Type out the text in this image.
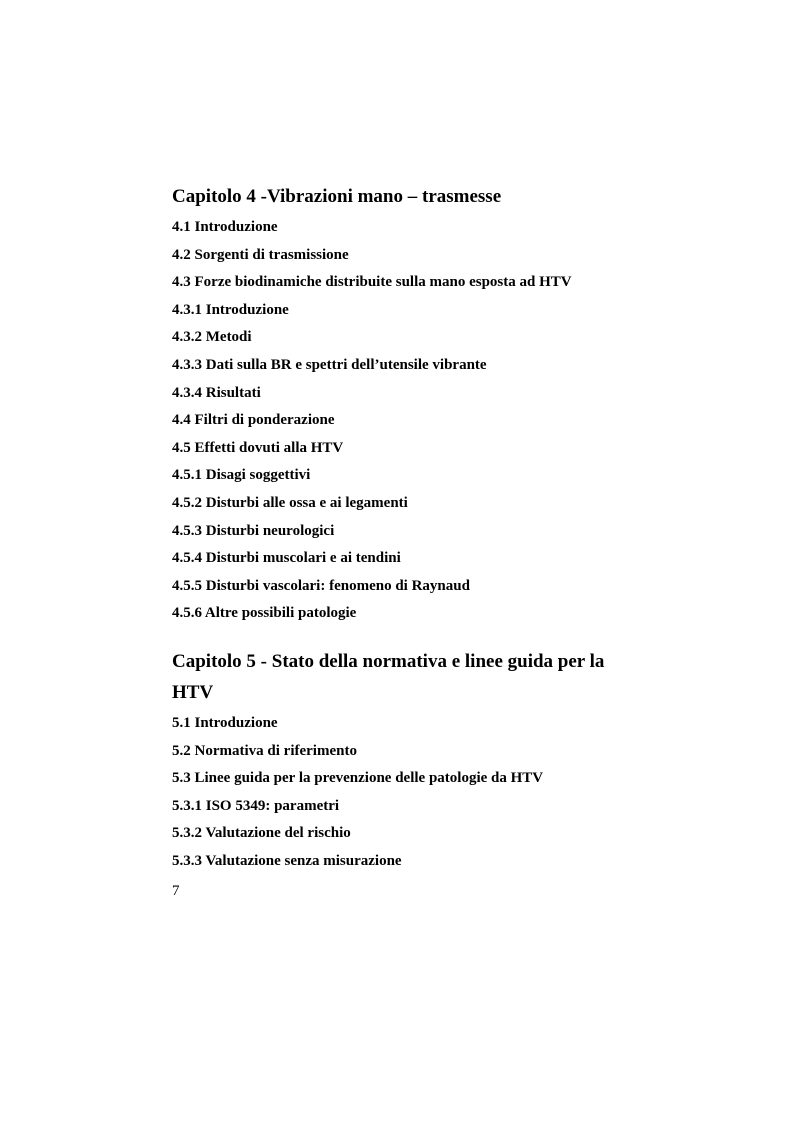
Capitolo 4 -Vibrazioni mano – trasmesse
4.1 Introduzione
4.2 Sorgenti di trasmissione
4.3 Forze biodinamiche distribuite sulla mano esposta ad HTV
4.3.1 Introduzione
4.3.2 Metodi
4.3.3 Dati sulla BR e spettri dell’utensile vibrante
4.3.4 Risultati
4.4 Filtri di ponderazione
4.5 Effetti dovuti alla HTV
4.5.1 Disagi soggettivi
4.5.2 Disturbi alle ossa e ai legamenti
4.5.3 Disturbi neurologici
4.5.4 Disturbi muscolari e ai tendini
4.5.5 Disturbi vascolari: fenomeno di Raynaud
4.5.6 Altre possibili patologie
Capitolo 5 - Stato della normativa e linee guida per la HTV
5.1 Introduzione
5.2 Normativa di riferimento
5.3 Linee guida per la prevenzione delle patologie da HTV
5.3.1 ISO 5349: parametri
5.3.2 Valutazione del rischio
5.3.3 Valutazione senza misurazione
7
